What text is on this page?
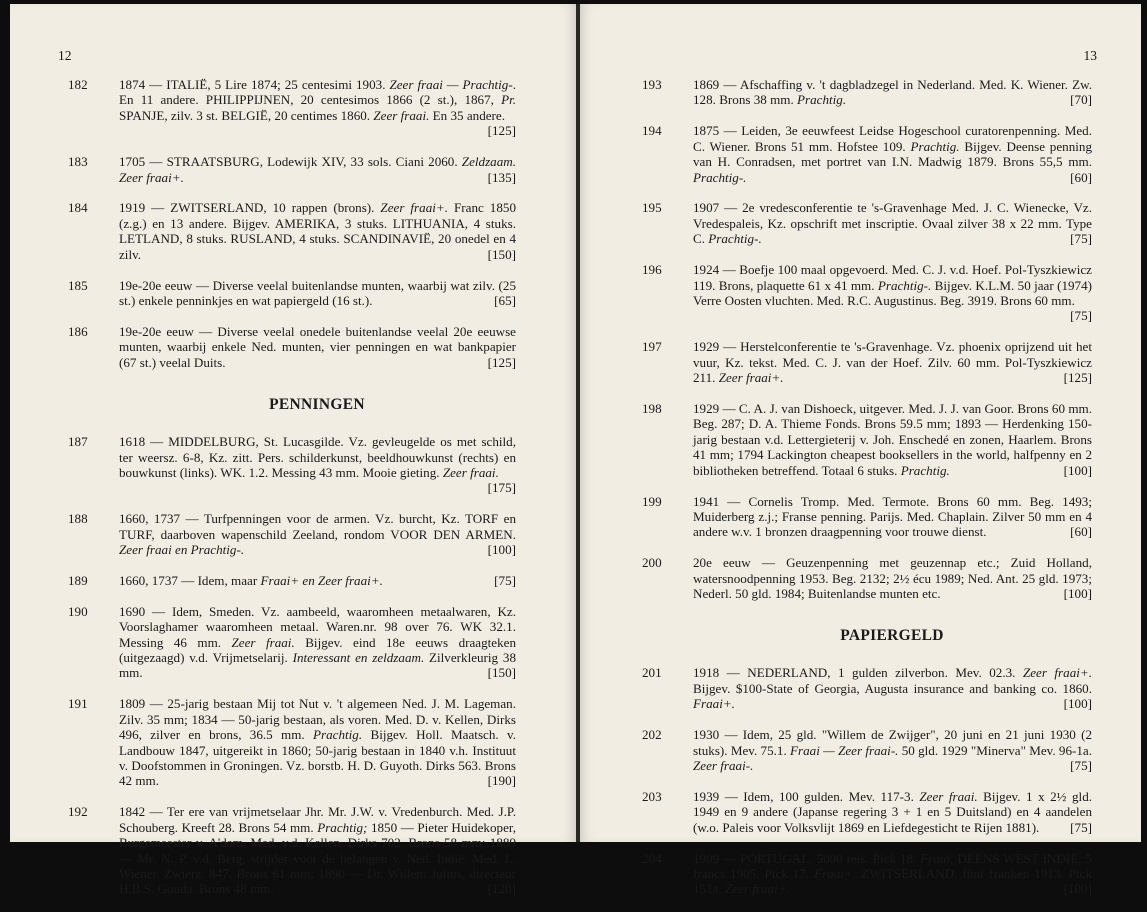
12
182	1874 — ITALIË, 5 Lire 1874; 25 centesimi 1903. Zeer fraai — Prachtig-. En 11 andere. PHILIPPIJNEN, 20 centesimos 1866 (2 st.), 1867, Pr. SPANJE, zilv. 3 st. BELGIË, 20 centimes 1860. Zeer fraai. En 35 andere.
[125]
183	1705 — STRAATSBURG, Lodewijk XIV, 33 sols. Ciani 2060. Zeldzaam. Zeer fraai+.	[135]
184	1919 — ZWITSERLAND, 10 rappen (brons). Zeer fraai+. Franc 1850 (z.g.) en 13 andere. Bijgev. AMERIKA, 3 stuks. LITHUANIA, 4 stuks. LETLAND, 8 stuks. RUSLAND, 4 stuks. SCANDINAVIË, 20 onedel en 4 zilv.	[150]
185	19e-20e eeuw — Diverse veelal buitenlandse munten, waarbij wat zilv. (25 st.) enkele penninkjes en wat papiergeld (16 st.).	[65]
186	19e-20e eeuw — Diverse veelal onedele buitenlandse veelal 20e eeuwse munten, waarbij enkele Ned. munten, vier penningen en wat bankpapier (67 st.) veelal Duits.	[125]
PENNINGEN
187	1618 — MIDDELBURG, St. Lucasgilde. Vz. gevleugelde os met schild, ter weersz. 6-8, Kz. zitt. Pers. schilderkunst, beeldhouwkunst (rechts) en bouwkunst (links). WK. 1.2. Messing 43 mm. Mooie gieting. Zeer fraai.
[175]
188	1660, 1737 — Turfpenningen voor de armen. Vz. burcht, Kz. TORF en TURF, daarboven wapenschild Zeeland, rondom VOOR DEN ARMEN. Zeer fraai en Prachtig-.	[100]
189	1660, 1737 — Idem, maar Fraai+ en Zeer fraai+.	[75]
190	1690 — Idem, Smeden. Vz. aambeeld, waaromheen metaalwaren, Kz. Voorslaghamer waaromheen metaal. Waren.nr. 98 over 76. WK 32.1. Messing 46 mm. Zeer fraai. Bijgev. eind 18e eeuws draagteken (uitgezaagd) v.d. Vrijmetselarij. Interessant en zeldzaam. Zilverkleurig 38 mm.	[150]
191	1809 — 25-jarig bestaan Mij tot Nut v. 't algemeen Ned. J. M. Lageman. Zilv. 35 mm; 1834 — 50-jarig bestaan, als voren. Med. D. v. Kellen, Dirks 496, zilver en brons, 36.5 mm. Prachtig. Bijgev. Holl. Maatsch. v. Landbouw 1847, uitgereikt in 1860; 50-jarig bestaan in 1840 v.h. Instituut v. Doofstommen in Groningen. Vz. borstb. H. D. Guyoth. Dirks 563. Brons 42 mm.	[190]
192	1842 — Ter ere van vrijmetselaar Jhr. Mr. J.W. v. Vredenburch. Med. J.P. Schouberg. Kreeft 28. Brons 54 mm. Prachtig; 1850 — Pieter Huidekoper, Burgemeester v. A'dam. Med. v.d. Kellen. Dirks 702. Brons 58 mm; 1889 — Mr. N. P. v.d. Berg, strijder voor de belangen v. Ned. Indië. Med. L. Wiener. Zwierz. 847. Brons 61 mm; 1890 — Dr. Willem Julius, directeur H.B.S. Gouda. Brons 48 mm.	[120]
13
193	1869 — Afschaffing v. 't dagbladzegel in Nederland. Med. K. Wiener. Zw. 128. Brons 38 mm. Prachtig.	[70]
194	1875 — Leiden, 3e eeuwfeest Leidse Hogeschool curatorenpenning. Med. C. Wiener. Brons 51 mm. Hofstee 109. Prachtig. Bijgev. Deense penning van H. Conradsen, met portret van I.N. Madwig 1879. Brons 55,5 mm. Prachtig-.	[60]
195	1907 — 2e vredesconferentie te 's-Gravenhage Med. J. C. Wienecke, Vz. Vredespaleis, Kz. opschrift met inscriptie. Ovaal zilver 38 x 22 mm. Type C. Prachtig-.	[75]
196	1924 — Boefje 100 maal opgevoerd. Med. C. J. v.d. Hoef. Pol-Tyszkiewicz 119. Brons, plaquette 61 x 41 mm. Prachtig-. Bijgev. K.L.M. 50 jaar (1974) Verre Oosten vluchten. Med. R.C. Augustinus. Beg. 3919. Brons 60 mm.
[75]
197	1929 — Herstelconferentie te 's-Gravenhage. Vz. phoenix oprijzend uit het vuur, Kz. tekst. Med. C. J. van der Hoef. Zilv. 60 mm. Pol-Tyszkiewicz 211. Zeer fraai+.	[125]
198	1929 — C. A. J. van Dishoeck, uitgever. Med. J. J. van Goor. Brons 60 mm. Beg. 287; D. A. Thieme Fonds. Brons 59.5 mm; 1893 — Herdenking 150-jarig bestaan v.d. Lettergieterij v. Joh. Enschedé en zonen, Haarlem. Brons 41 mm; 1794 Lackington cheapest booksellers in the world, halfpenny en 2 bibliotheken betreffend. Totaal 6 stuks. Prachtig.	[100]
199	1941 — Cornelis Tromp. Med. Termote. Brons 60 mm. Beg. 1493; Muiderberg z.j.; Franse penning. Parijs. Med. Chaplain. Zilver 50 mm en 4 andere w.v. 1 bronzen draagpenning voor trouwe dienst.	[60]
200	20e eeuw — Geuzenpenning met geuzennap etc.; Zuid Holland, watersnoodpenning 1953. Beg. 2132; 2½ écu 1989; Ned. Ant. 25 gld. 1973; Nederl. 50 gld. 1984; Buitenlandse munten etc.	[100]
PAPIERGELD
201	1918 — NEDERLAND, 1 gulden zilverbon. Mev. 02.3. Zeer fraai+. Bijgev. $100-State of Georgia, Augusta insurance and banking co. 1860. Fraai+.	[100]
202	1930 — Idem, 25 gld. "Willem de Zwijger", 20 juni en 21 juni 1930 (2 stuks). Mev. 75.1. Fraai — Zeer fraai-. 50 gld. 1929 "Minerva" Mev. 96-1a. Zeer fraai-.	[75]
203	1939 — Idem, 100 gulden. Mev. 117-3. Zeer fraai. Bijgev. 1 x 2½ gld. 1949 en 9 andere (Japanse regering 3 + 1 en 5 Duitsland) en 4 aandelen (w.o. Paleis voor Volksvlijt 1869 en Liefdegesticht te Rijen 1881). [75]
204	1909 — PORTUGAL, 5000 reis. Pick 18. Fraai. DEENS WEST INDIË, 5 francs 1905. Pick 17. Fraai+. ZWITSERLAND, fünf franken 1913. Pick 151a. Zeer fraai+.	[100]
